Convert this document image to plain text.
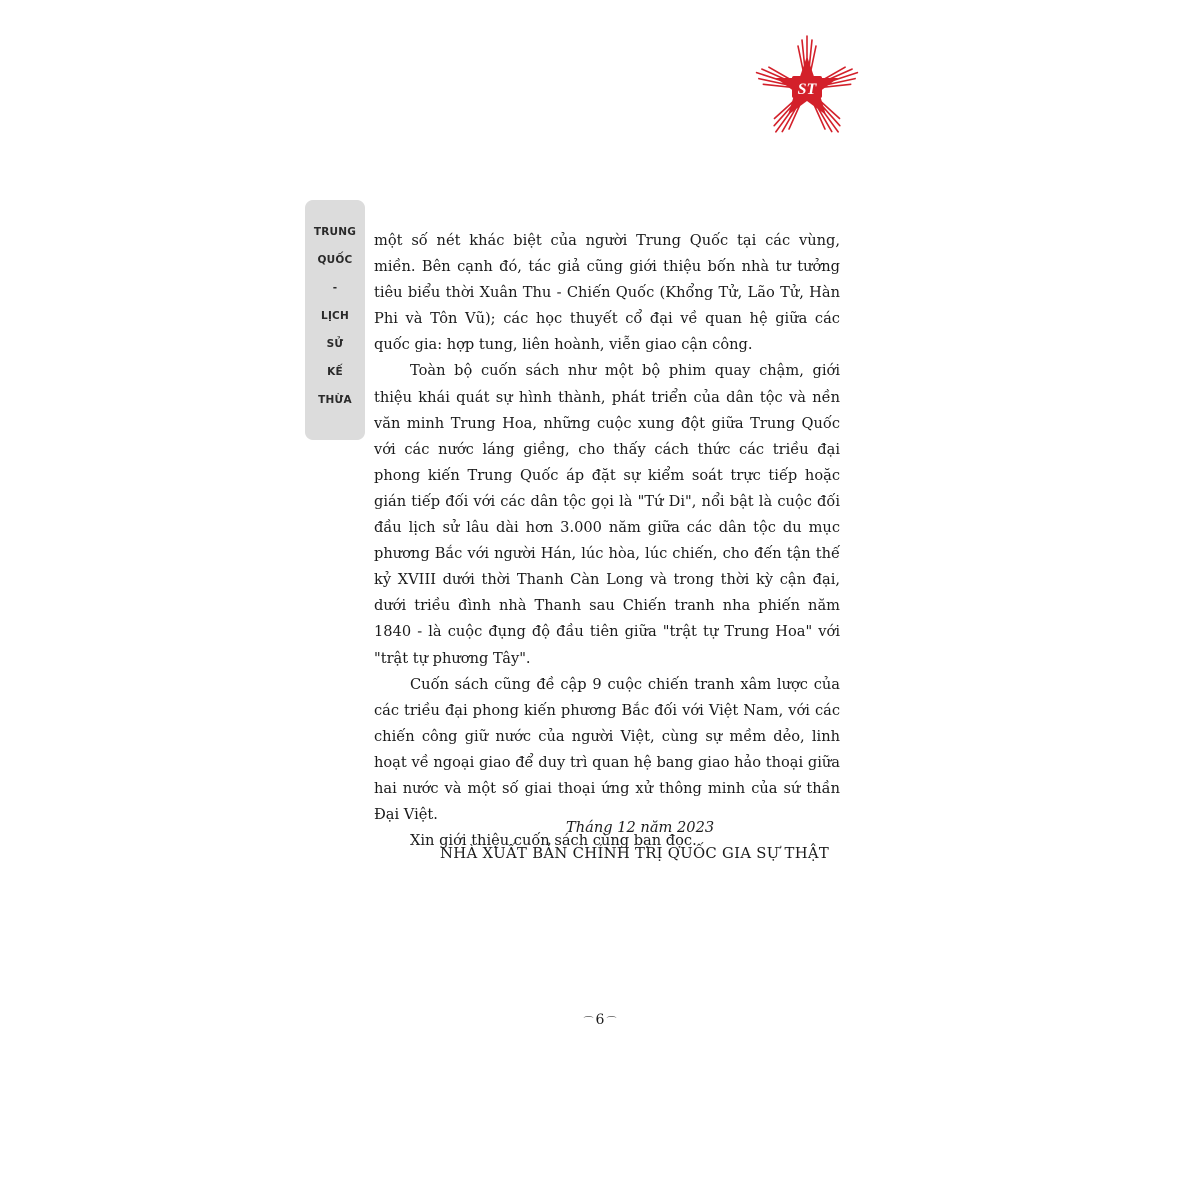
ST
TRUNG
QUỐC
-
LỊCH
SỬ
KẾ
THỪA

một số nét khác biệt của người Trung Quốc tại các vùng, miền. Bên cạnh đó, tác giả cũng giới thiệu bốn nhà tư tưởng tiêu biểu thời Xuân Thu - Chiến Quốc (Khổng Tử, Lão Tử, Hàn Phi và Tôn Vũ); các học thuyết cổ đại về quan hệ giữa các quốc gia: hợp tung, liên hoành, viễn giao cận công.

Toàn bộ cuốn sách như một bộ phim quay chậm, giới thiệu khái quát sự hình thành, phát triển của dân tộc và nền văn minh Trung Hoa, những cuộc xung đột giữa Trung Quốc với các nước láng giềng, cho thấy cách thức các triều đại phong kiến Trung Quốc áp đặt sự kiểm soát trực tiếp hoặc gián tiếp đối với các dân tộc gọi là "Tứ Di", nổi bật là cuộc đối đầu lịch sử lâu dài hơn 3.000 năm giữa các dân tộc du mục phương Bắc với người Hán, lúc hòa, lúc chiến, cho đến tận thế kỷ XVIII dưới thời Thanh Càn Long và trong thời kỳ cận đại, dưới triều đình nhà Thanh sau Chiến tranh nha phiến năm 1840 - là cuộc đụng độ đầu tiên giữa "trật tự Trung Hoa" với "trật tự phương Tây".

Cuốn sách cũng đề cập 9 cuộc chiến tranh xâm lược của các triều đại phong kiến phương Bắc đối với Việt Nam, với các chiến công giữ nước của người Việt, cùng sự mềm dẻo, linh hoạt về ngoại giao để duy trì quan hệ bang giao hảo thoại giữa hai nước và một số giai thoại ứng xử thông minh của sứ thần Đại Việt.

Xin giới thiệu cuốn sách cùng bạn đọc.

Tháng 12 năm 2023
NHÀ XUẤT BẢN CHÍNH TRỊ QUỐC GIA SỰ THẬT
⌒ 6 ⌒
